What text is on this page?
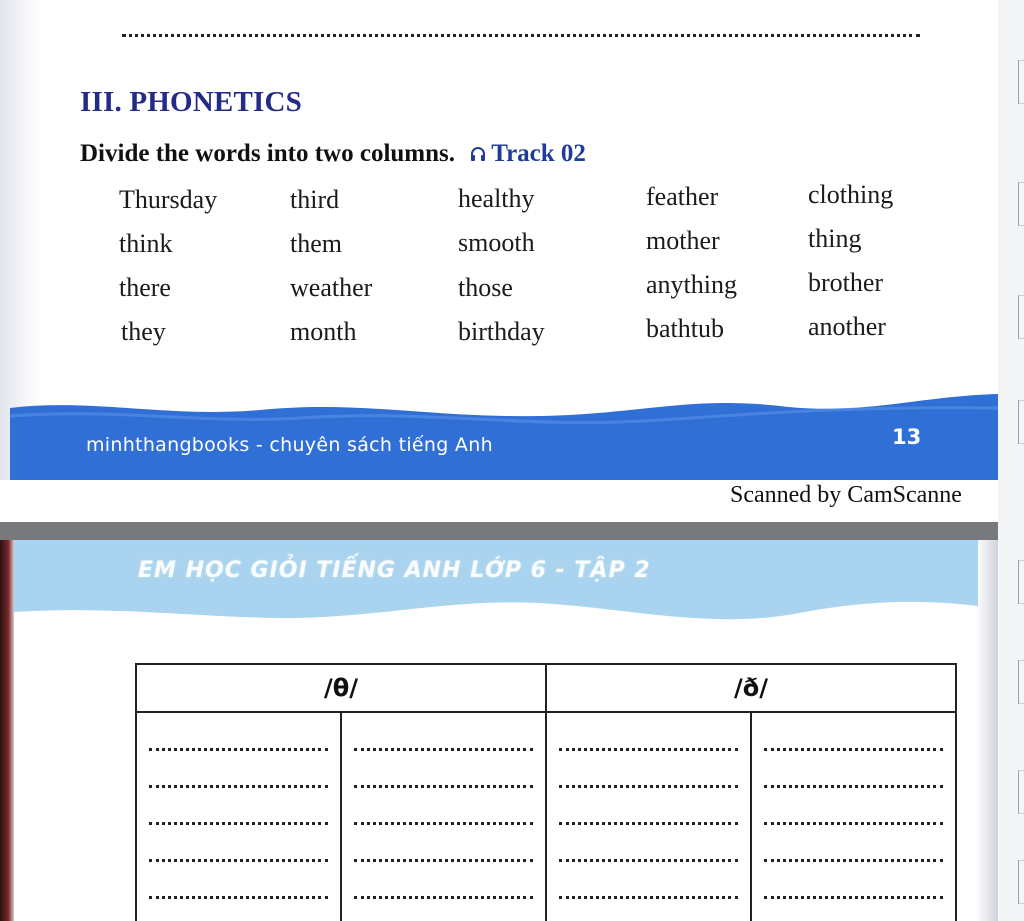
III. PHONETICS
Divide the words into two columns. Track 02
Thursday	third	healthy	feather	clothing
think	them	smooth	mother	thing
there	weather	those	anything	brother
they	month	birthday	bathtub	another
minhthangbooks - chuyên sách tiếng Anh	13
Scanned by CamScanne
EM HỌC GIỎI TIẾNG ANH LỚP 6 - TẬP 2
/θ/		/ð/	
